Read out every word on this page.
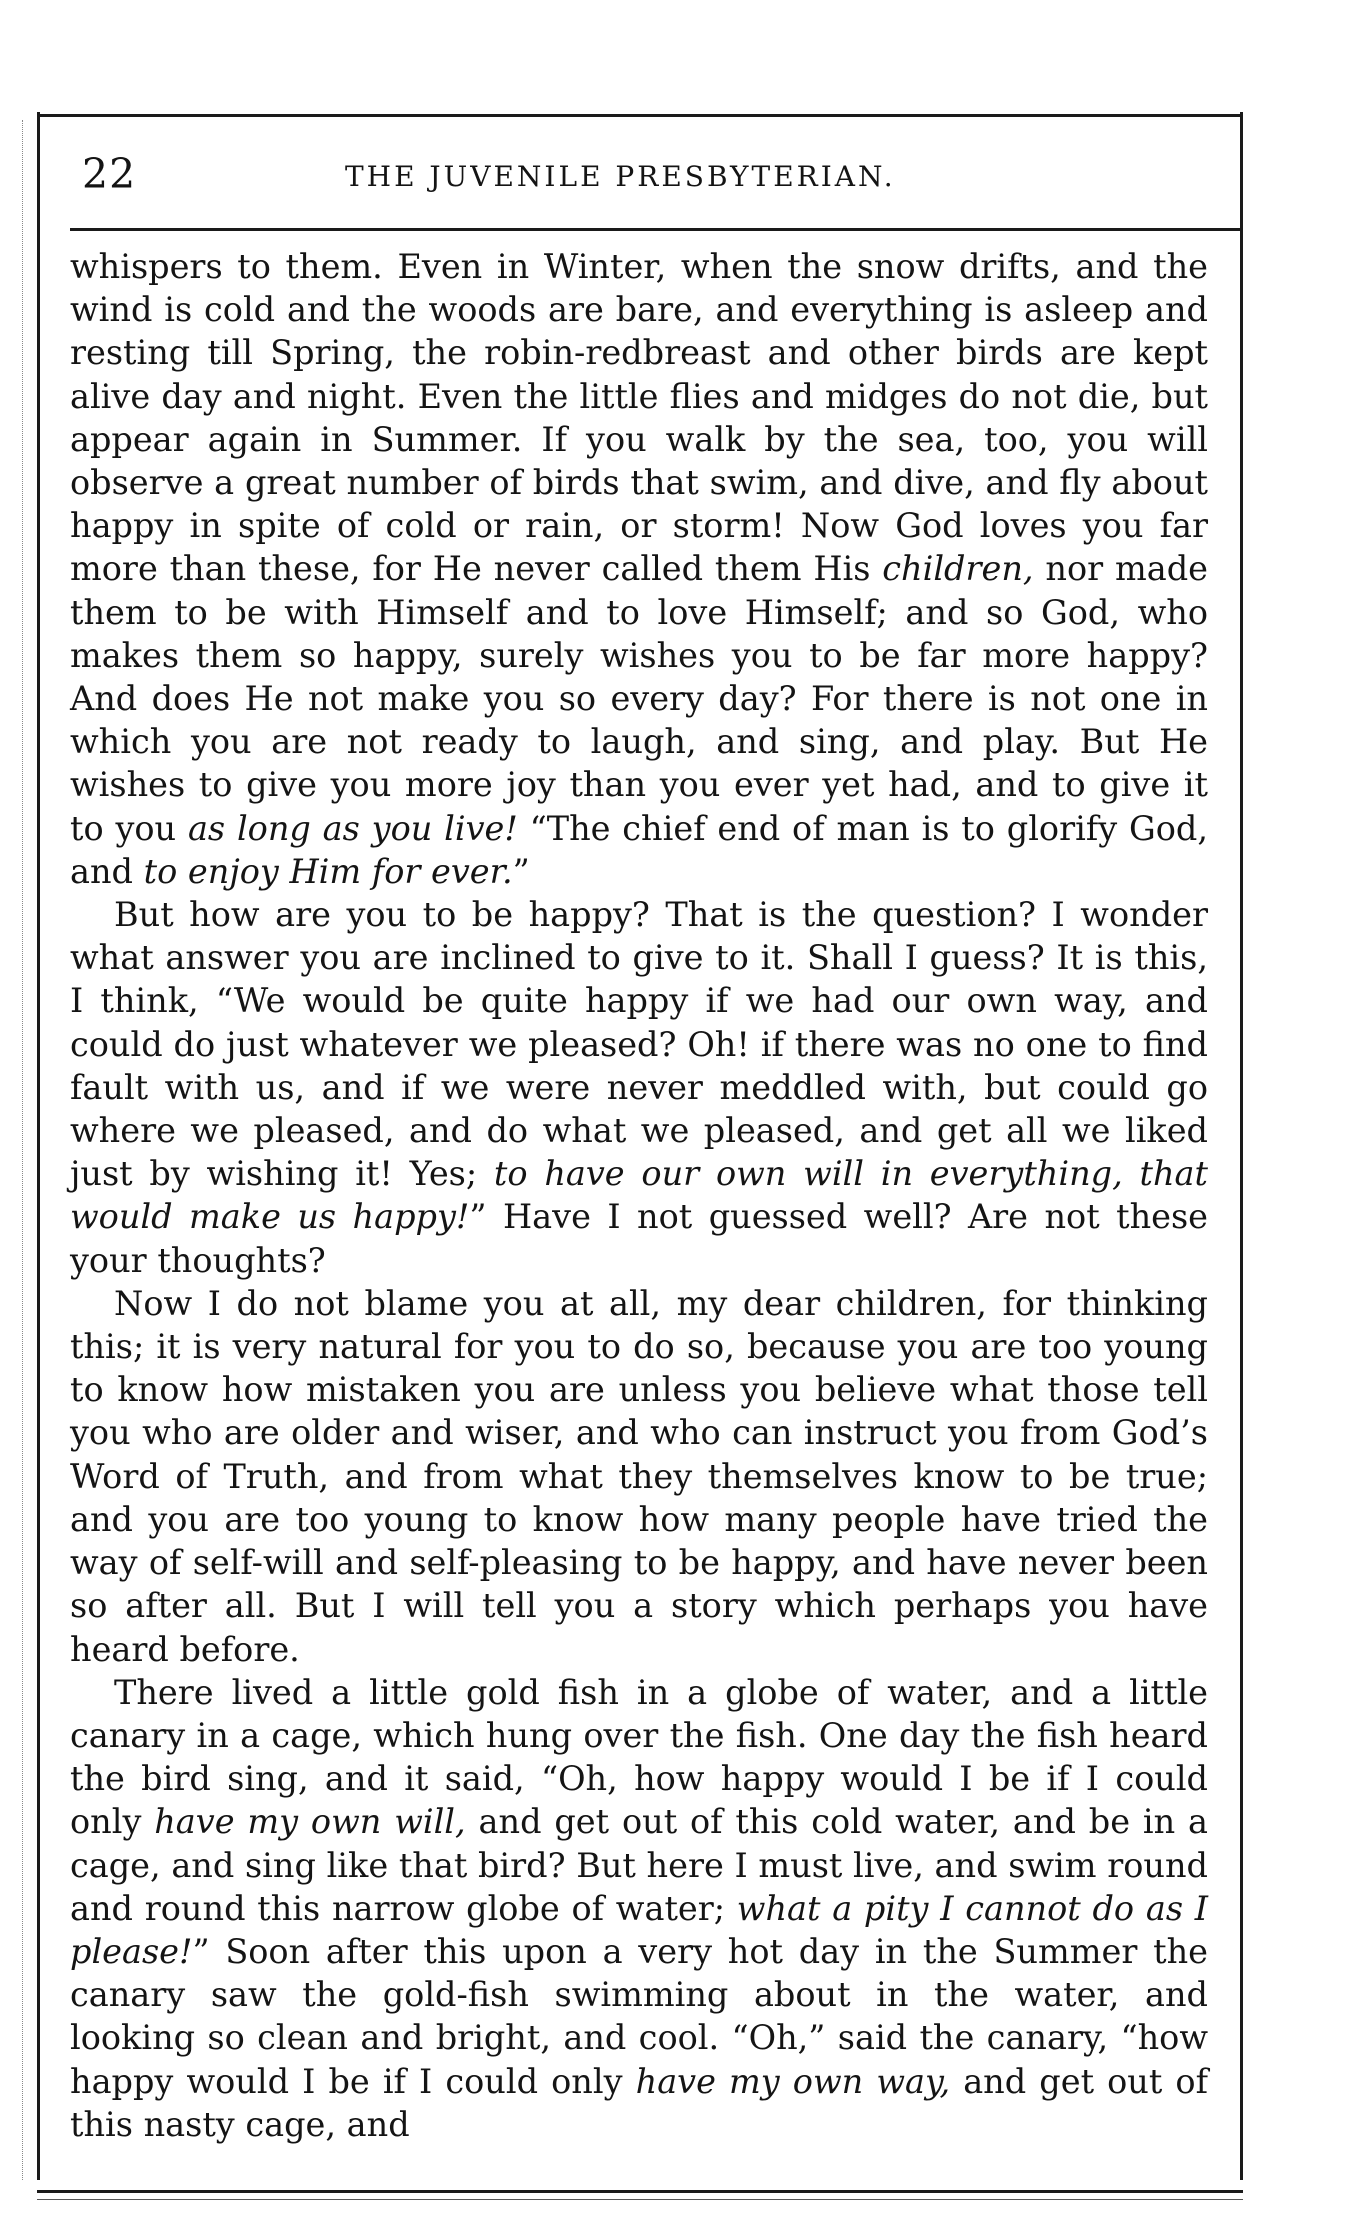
22	THE JUVENILE PRESBYTERIAN.

whispers to them. Even in Winter, when the snow drifts, and the wind is cold and the woods are bare, and everything is asleep and resting till Spring, the robin-redbreast and other birds are kept alive day and night. Even the little flies and midges do not die, but appear again in Summer. If you walk by the sea, too, you will observe a great number of birds that swim, and dive, and fly about happy in spite of cold or rain, or storm! Now God loves you far more than these, for He never called them His children, nor made them to be with Himself and to love Himself; and so God, who makes them so happy, surely wishes you to be far more happy? And does He not make you so every day? For there is not one in which you are not ready to laugh, and sing, and play. But He wishes to give you more joy than you ever yet had, and to give it to you as long as you live! “The chief end of man is to glorify God, and to enjoy Him for ever.”

But how are you to be happy? That is the question? I wonder what answer you are inclined to give to it. Shall I guess? It is this, I think, “We would be quite happy if we had our own way, and could do just whatever we pleased? Oh! if there was no one to find fault with us, and if we were never meddled with, but could go where we pleased, and do what we pleased, and get all we liked just by wishing it! Yes; to have our own will in everything, that would make us happy!” Have I not guessed well? Are not these your thoughts?

Now I do not blame you at all, my dear children, for thinking this; it is very natural for you to do so, because you are too young to know how mistaken you are unless you believe what those tell you who are older and wiser, and who can instruct you from God’s Word of Truth, and from what they themselves know to be true; and you are too young to know how many people have tried the way of self-will and self-pleasing to be happy, and have never been so after all. But I will tell you a story which perhaps you have heard before.

There lived a little gold fish in a globe of water, and a little canary in a cage, which hung over the fish. One day the fish heard the bird sing, and it said, “Oh, how happy would I be if I could only have my own will, and get out of this cold water, and be in a cage, and sing like that bird? But here I must live, and swim round and round this narrow globe of water; what a pity I cannot do as I please!” Soon after this upon a very hot day in the Summer the canary saw the gold-fish swimming about in the water, and looking so clean and bright, and cool. “Oh,” said the canary, “how happy would I be if I could only have my own way, and get out of this nasty cage, and
